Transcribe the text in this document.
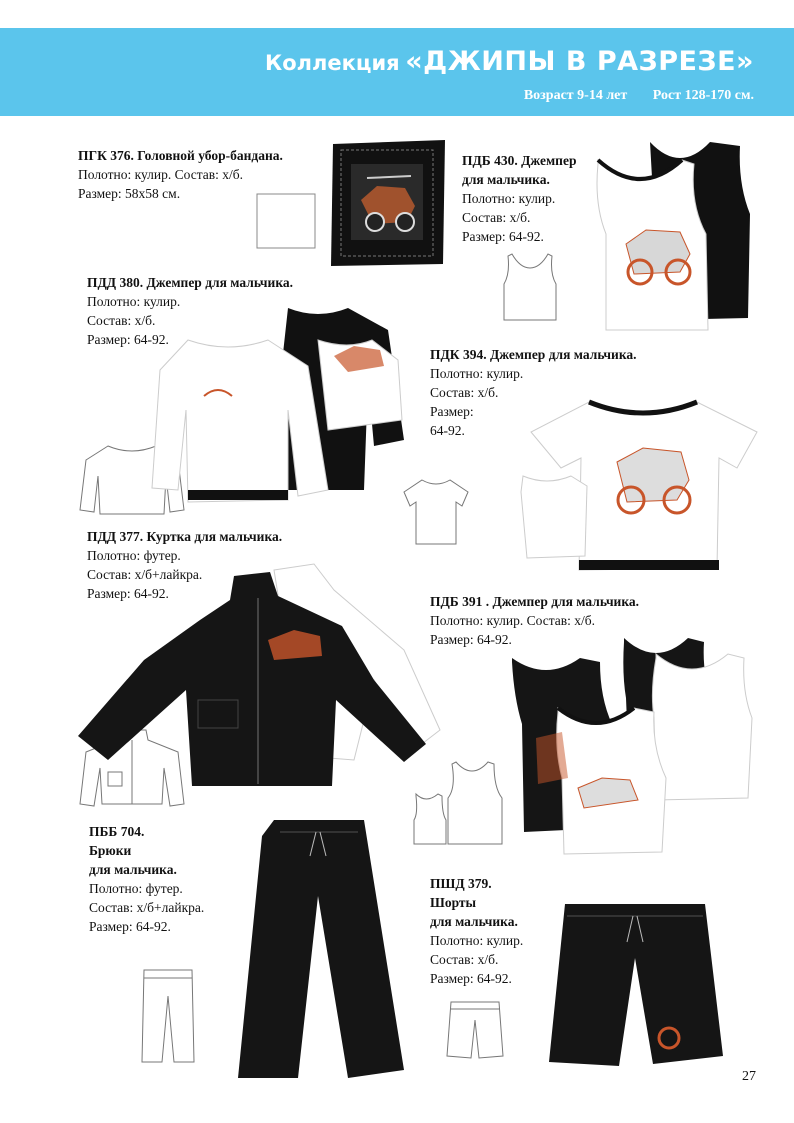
Коллекция «ДЖИПЫ В РАЗРЕЗЕ»
Возраст 9-14 лет Рост 128-170 см.
ПГК 376. Головной убор-бандана.
Полотно: кулир. Состав: х/б.
Размер: 58х58 см.
ПДБ 430. Джемпер
для мальчика.
Полотно: кулир.
Состав: х/б.
Размер: 64-92.
ПДД 380. Джемпер для мальчика.
Полотно: кулир.
Состав: х/б.
Размер: 64-92.
ПДК 394. Джемпер для мальчика.
Полотно: кулир.
Состав: х/б.
Размер:
64-92.
ПДД 377. Куртка для мальчика.
Полотно: футер.
Состав: х/б+лайкра.
Размер: 64-92.
ПДБ 391 . Джемпер для мальчика.
Полотно: кулир. Состав: х/б.
Размер: 64-92.
ПББ 704.
Брюки
для мальчика.
Полотно: футер.
Состав: х/б+лайкра.
Размер: 64-92.
ПШД 379.
Шорты
для мальчика.
Полотно: кулир.
Состав: х/б.
Размер: 64-92.
27
